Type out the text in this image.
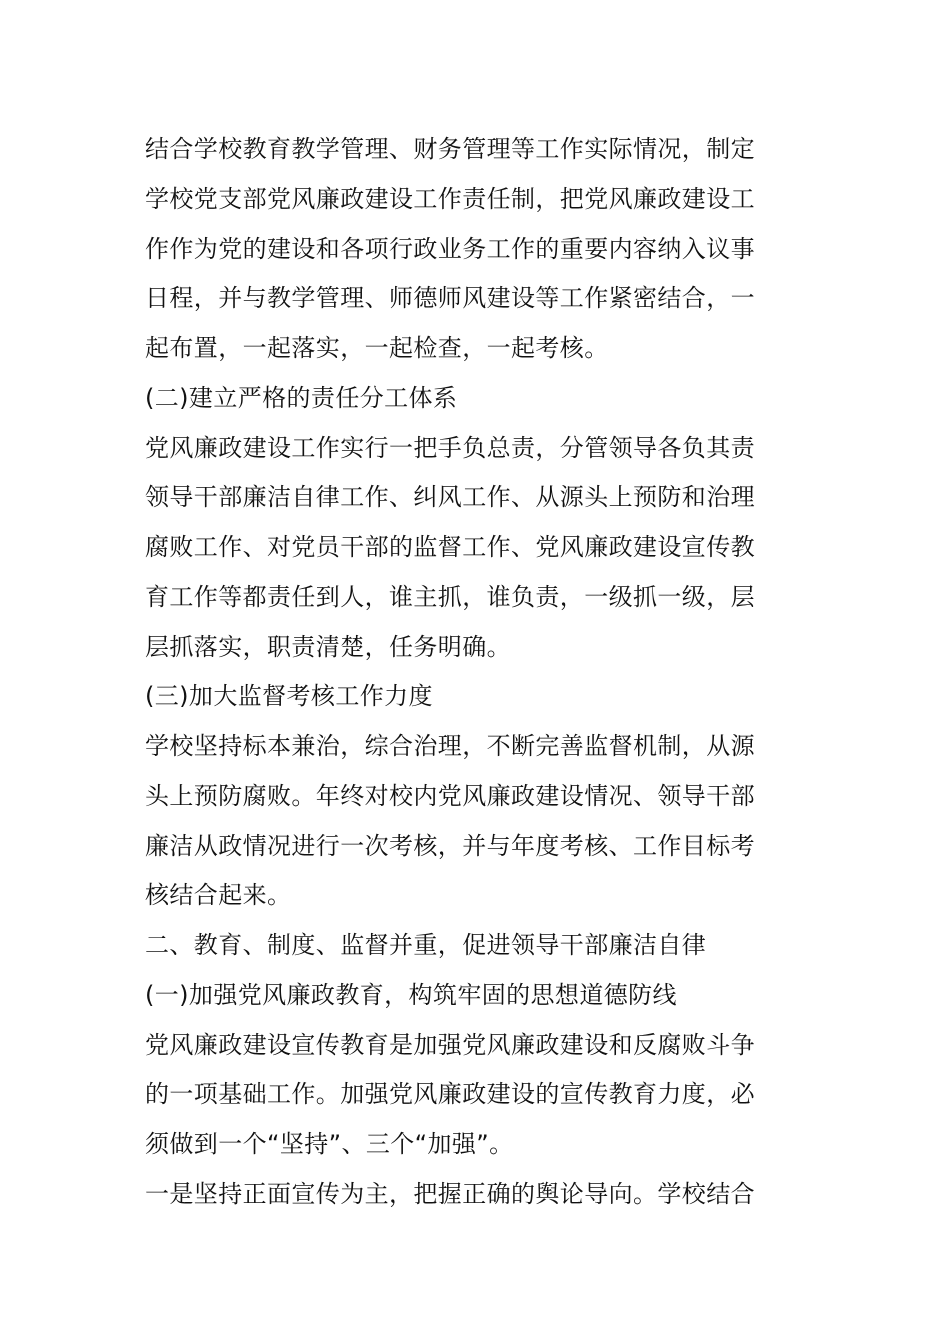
结合学校教育教学管理、财务管理等工作实际情况，制定
学校党支部党风廉政建设工作责任制，把党风廉政建设工
作作为党的建设和各项行政业务工作的重要内容纳入议事
日程，并与教学管理、师德师风建设等工作紧密结合，一
起布置，一起落实，一起检查，一起考核。
(二)建立严格的责任分工体系
党风廉政建设工作实行一把手负总责，分管领导各负其责
领导干部廉洁自律工作、纠风工作、从源头上预防和治理
腐败工作、对党员干部的监督工作、党风廉政建设宣传教
育工作等都责任到人，谁主抓，谁负责，一级抓一级，层
层抓落实，职责清楚，任务明确。
(三)加大监督考核工作力度
学校坚持标本兼治，综合治理，不断完善监督机制，从源
头上预防腐败。年终对校内党风廉政建设情况、领导干部
廉洁从政情况进行一次考核，并与年度考核、工作目标考
核结合起来。
二、教育、制度、监督并重，促进领导干部廉洁自律
(一)加强党风廉政教育，构筑牢固的思想道德防线
党风廉政建设宣传教育是加强党风廉政建设和反腐败斗争
的一项基础工作。加强党风廉政建设的宣传教育力度，必
须做到一个“坚持”、三个“加强”。
一是坚持正面宣传为主，把握正确的舆论导向。学校结合
